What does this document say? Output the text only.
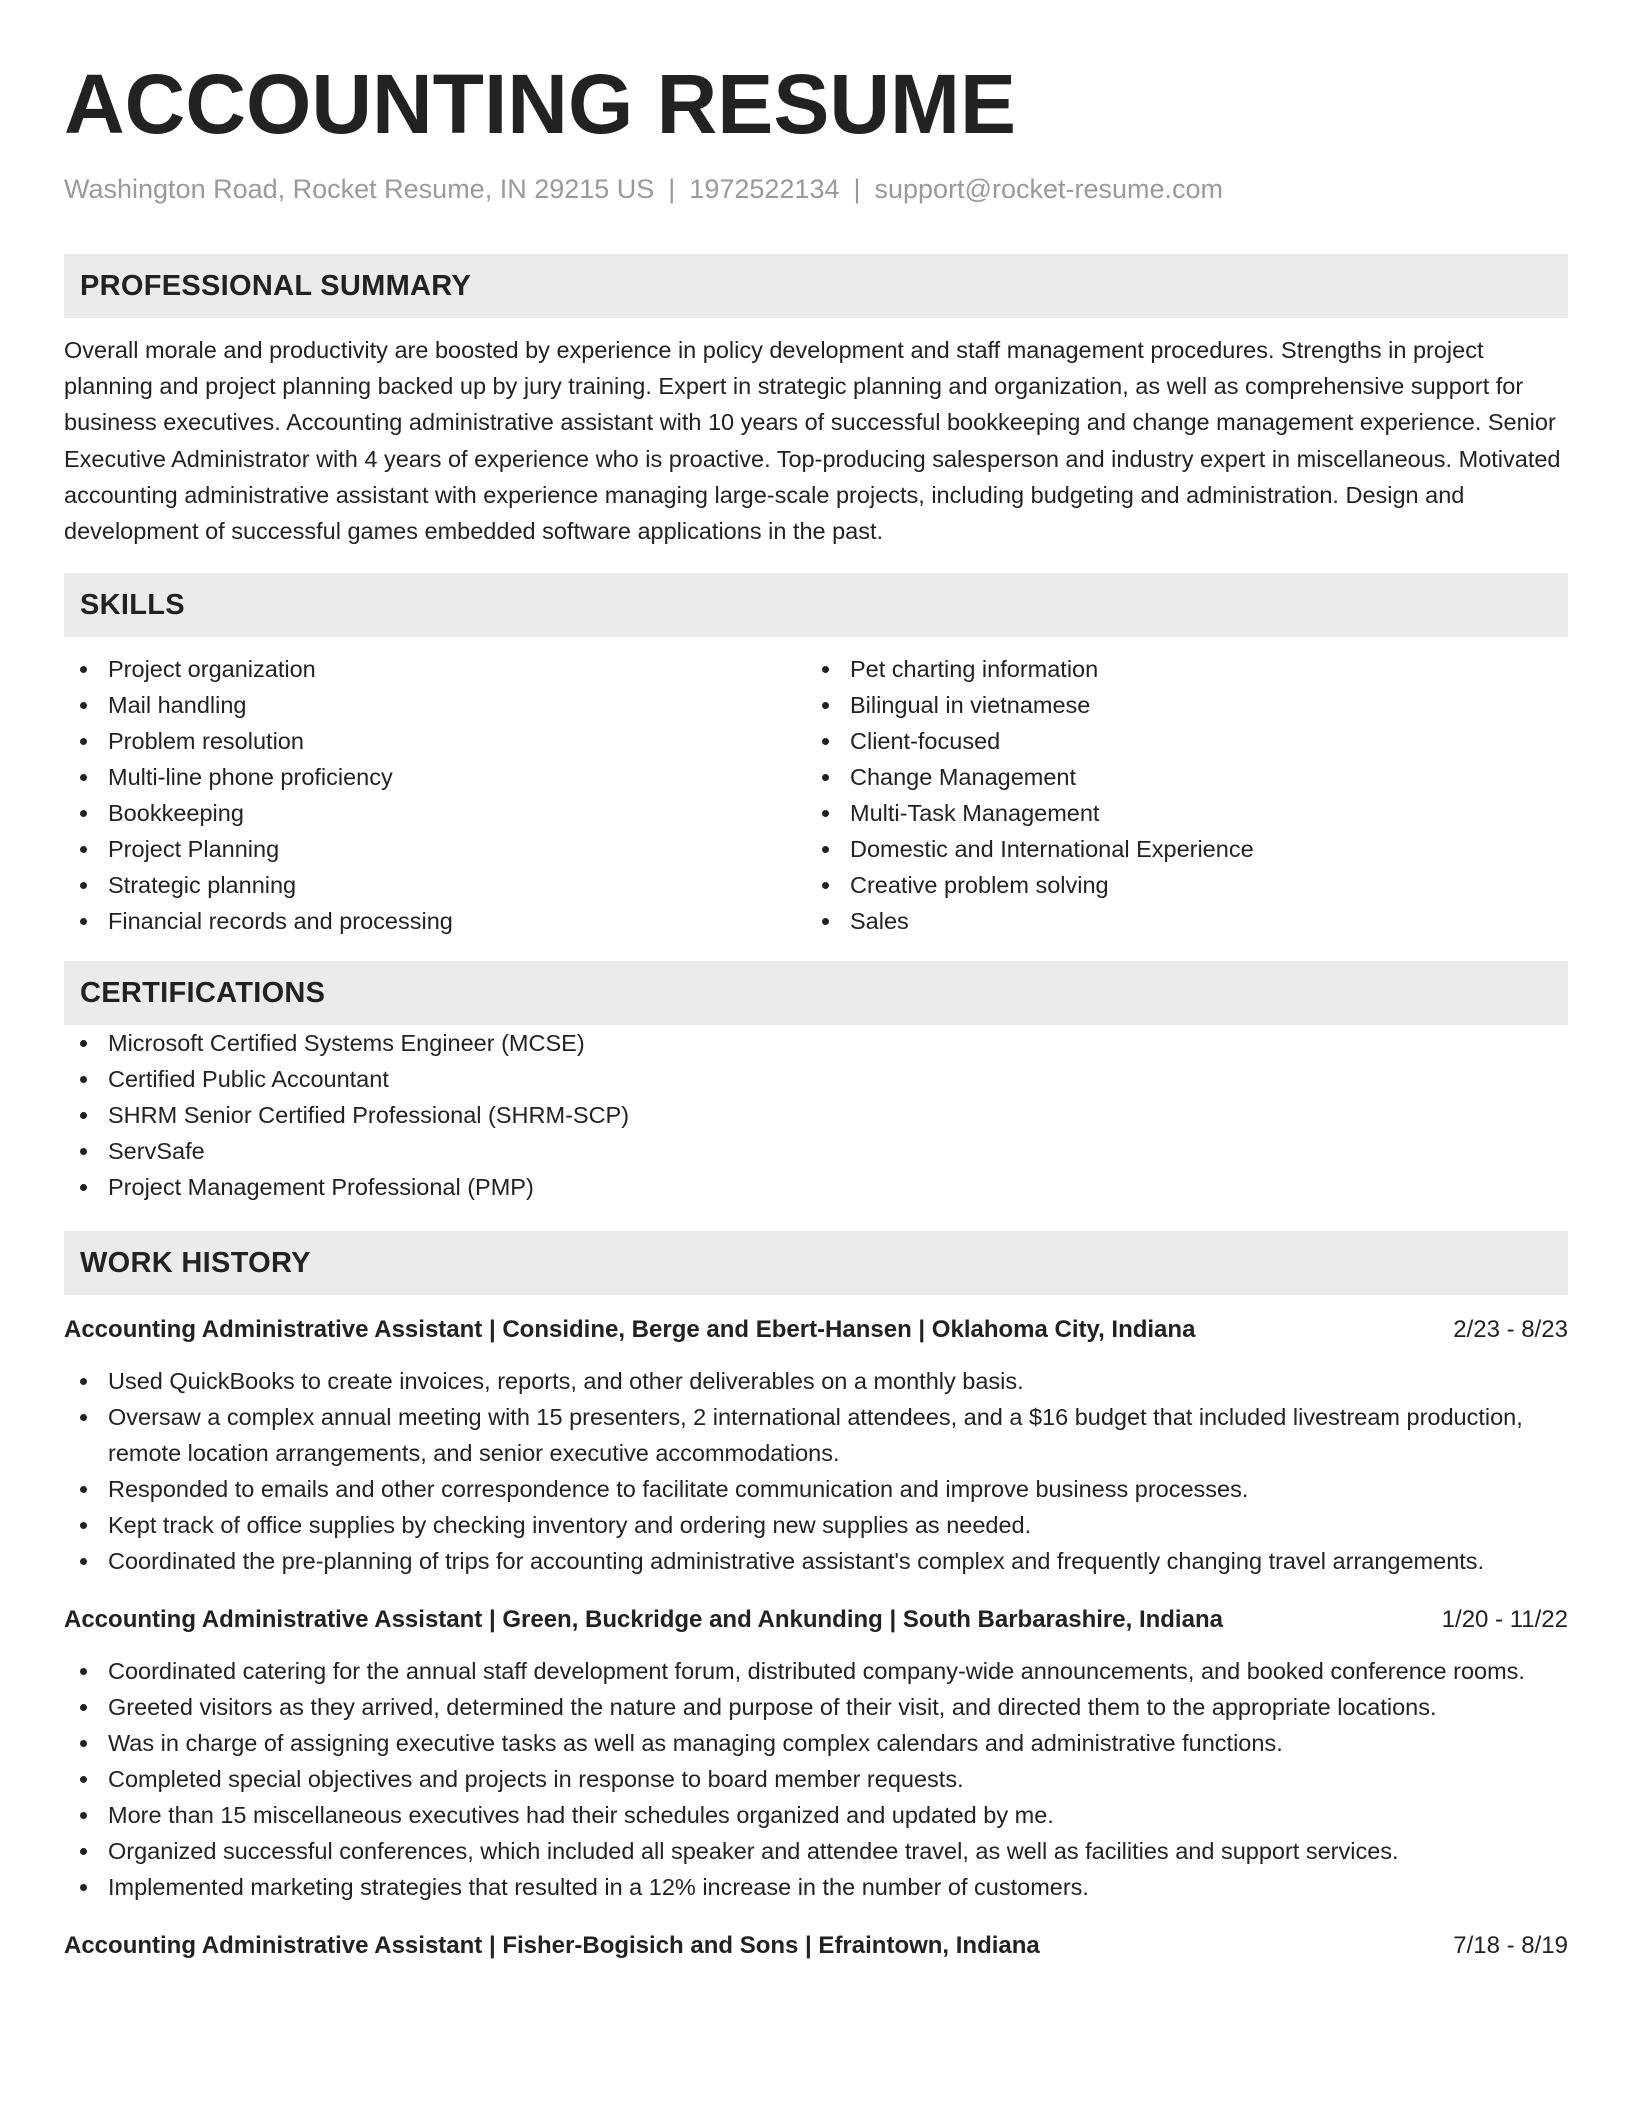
ACCOUNTING RESUME
Washington Road, Rocket Resume, IN 29215 US | 1972522134 | support@rocket-resume.com
PROFESSIONAL SUMMARY
Overall morale and productivity are boosted by experience in policy development and staff management procedures. Strengths in project planning and project planning backed up by jury training. Expert in strategic planning and organization, as well as comprehensive support for business executives. Accounting administrative assistant with 10 years of successful bookkeeping and change management experience. Senior Executive Administrator with 4 years of experience who is proactive. Top-producing salesperson and industry expert in miscellaneous. Motivated accounting administrative assistant with experience managing large-scale projects, including budgeting and administration. Design and development of successful games embedded software applications in the past.
SKILLS
Project organization
Mail handling
Problem resolution
Multi-line phone proficiency
Bookkeeping
Project Planning
Strategic planning
Financial records and processing
Pet charting information
Bilingual in vietnamese
Client-focused
Change Management
Multi-Task Management
Domestic and International Experience
Creative problem solving
Sales
CERTIFICATIONS
Microsoft Certified Systems Engineer (MCSE)
Certified Public Accountant
SHRM Senior Certified Professional (SHRM-SCP)
ServSafe
Project Management Professional (PMP)
WORK HISTORY
Accounting Administrative Assistant | Considine, Berge and Ebert-Hansen | Oklahoma City, Indiana	2/23 - 8/23
Used QuickBooks to create invoices, reports, and other deliverables on a monthly basis.
Oversaw a complex annual meeting with 15 presenters, 2 international attendees, and a $16 budget that included livestream production, remote location arrangements, and senior executive accommodations.
Responded to emails and other correspondence to facilitate communication and improve business processes.
Kept track of office supplies by checking inventory and ordering new supplies as needed.
Coordinated the pre-planning of trips for accounting administrative assistant's complex and frequently changing travel arrangements.
Accounting Administrative Assistant | Green, Buckridge and Ankunding | South Barbarashire, Indiana	1/20 - 11/22
Coordinated catering for the annual staff development forum, distributed company-wide announcements, and booked conference rooms.
Greeted visitors as they arrived, determined the nature and purpose of their visit, and directed them to the appropriate locations.
Was in charge of assigning executive tasks as well as managing complex calendars and administrative functions.
Completed special objectives and projects in response to board member requests.
More than 15 miscellaneous executives had their schedules organized and updated by me.
Organized successful conferences, which included all speaker and attendee travel, as well as facilities and support services.
Implemented marketing strategies that resulted in a 12% increase in the number of customers.
Accounting Administrative Assistant | Fisher-Bogisich and Sons | Efraintown, Indiana	7/18 - 8/19
